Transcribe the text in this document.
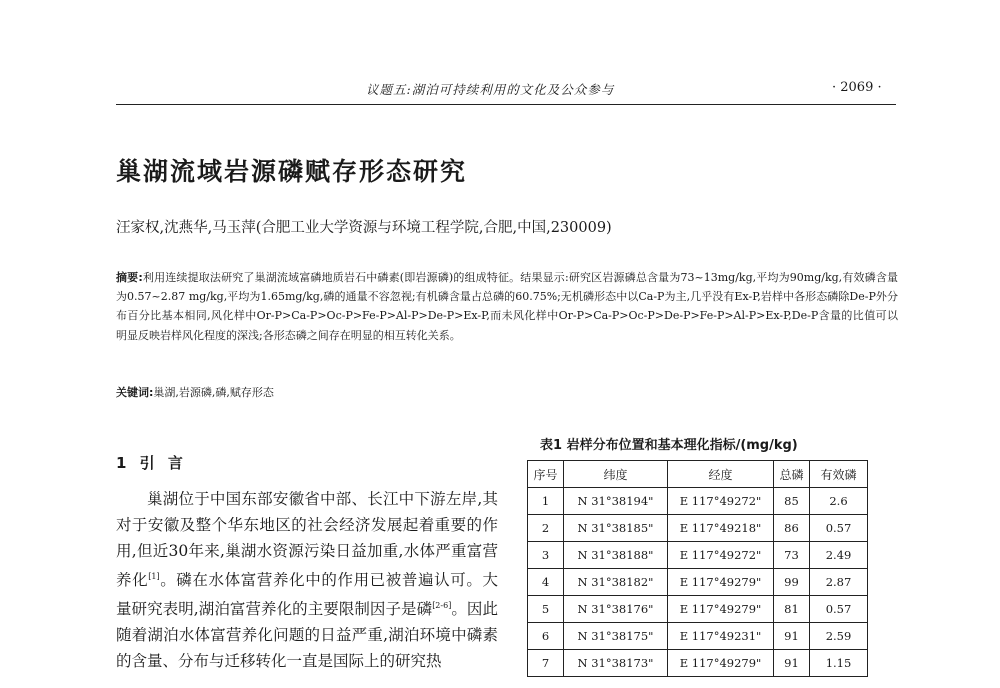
议题五:湖泊可持续利用的文化及公众参与	· 2069 ·
巢湖流域岩源磷赋存形态研究
汪家权,沈燕华,马玉萍(合肥工业大学资源与环境工程学院,合肥,中国,230009)
摘要:利用连续提取法研究了巢湖流域富磷地质岩石中磷素(即岩源磷)的组成特征。结果显示:研究区岩源磷总含量为73~13mg/kg,平均为90mg/kg,有效磷含量为0.57~2.87 mg/kg,平均为1.65mg/kg,磷的通量不容忽视;有机磷含量占总磷的60.75%;无机磷形态中以Ca-P为主,几乎没有Ex-P,岩样中各形态磷除De-P外分布百分比基本相同,风化样中Or-P>Ca-P>Oc-P>Fe-P>Al-P>De-P>Ex-P,而未风化样中Or-P>Ca-P>Oc-P>De-P>Fe-P>Al-P>Ex-P,De-P含量的比值可以明显反映岩样风化程度的深浅;各形态磷之间存在明显的相互转化关系。
关键词:巢湖,岩源磷,磷,赋存形态
1 引 言

巢湖位于中国东部安徽省中部、长江中下游左岸,其对于安徽及整个华东地区的社会经济发展起着重要的作用,但近30年来,巢湖水资源污染日益加重,水体严重富营养化[1]。磷在水体富营养化中的作用已被普遍认可。大量研究表明,湖泊富营养化的主要限制因子是磷[2-6]。因此随着湖泊水体富营养化问题的日益严重,湖泊环境中磷素的含量、分布与迁移转化一直是国际上的研究热

表1 岩样分布位置和基本理化指标/(mg/kg)
序号	纬度	经度	总磷	有效磷
1	N 31°38194"	E 117°49272"	85	2.6
2	N 31°38185"	E 117°49218"	86	0.57
3	N 31°38188"	E 117°49272"	73	2.49
4	N 31°38182"	E 117°49279"	99	2.87
5	N 31°38176"	E 117°49279"	81	0.57
6	N 31°38175"	E 117°49231"	91	2.59
7	N 31°38173"	E 117°49279"	91	1.15
